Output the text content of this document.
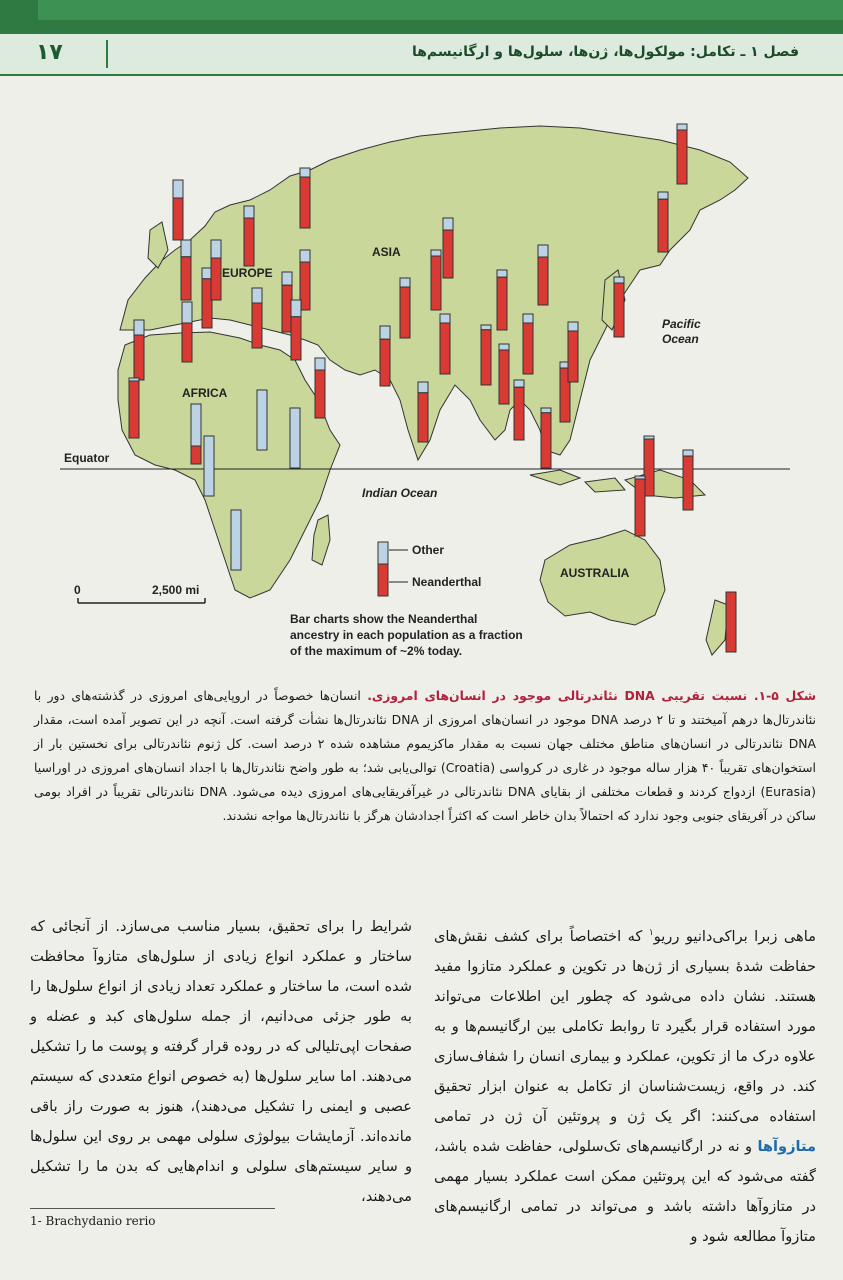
۱۷	فصل ۱ ـ تکامل: مولکول‌ها، ژن‌ها، سلول‌ها و ارگانیسم‌ها
EUROPE
ASIA
AFRICA
AUSTRALIA
Pacific
Ocean
Indian Ocean
Equator
0	2,500 mi
Other
Neanderthal
Bar charts show the Neanderthal
ancestry in each population as a fraction
of the maximum of ~2% today.
شکل ۵-۱. نسبت تقریبی DNA نئاندرتالی موجود در انسان‌های امروزی. انسان‌ها خصوصاً در اروپایی‌های امروزی در گذشته‌های دور با نئاندرتال‌ها درهم آمیختند و تا ۲ درصد DNA موجود در انسان‌های امروزی از DNA نئاندرتال‌ها نشأت گرفته است. آنچه در این تصویر آمده است، مقدار DNA نئاندرتالی در انسان‌های مناطق مختلف جهان نسبت به مقدار ماکزیموم مشاهده شده ۲ درصد است. کل ژنوم نئاندرتالی برای نخستین بار از استخوان‌های تقریباً ۴۰ هزار ساله موجود در غاری در کرواسی (Croatia) توالی‌یابی شد؛ به طور واضح نئاندرتال‌ها با اجداد انسان‌های امروزی در اوراسیا (Eurasia) ازدواج کردند و قطعات مختلفی از بقایای DNA نئاندرتالی در غیرآفریقایی‌های امروزی دیده می‌شود. DNA نئاندرتالی تقریباً در افراد بومی ساکن در آفریقای جنوبی وجود ندارد که احتمالاً بدان خاطر است که اکثراً اجدادشان هرگز با نئاندرتال‌ها مواجه نشدند.
ماهی زبرا براکی‌دانیو رریو$^۱$ که اختصاصاً برای کشف نقش‌های حفاظت شدهٔ بسیاری از ژن‌ها در تکوین و عملکرد متازوا مفید هستند. نشان داده می‌شود که چطور این اطلاعات می‌تواند مورد استفاده قرار بگیرد تا روابط تکاملی بین ارگانیسم‌ها و به علاوه درک ما از تکوین، عملکرد و بیماری انسان را شفاف‌سازی کند. در واقع، زیست‌شناسان از تکامل به عنوان ابزار تحقیق استفاده می‌کنند: اگر یک ژن و پروتئین آن ژن در تمامی متازوآها و نه در ارگانیسم‌های تک‌سلولی، حفاظت شده باشد، گفته می‌شود که این پروتئین ممکن است عملکرد بسیار مهمی در متازوآها داشته باشد و می‌تواند در تمامی ارگانیسم‌های متازوآ مطالعه شود و
شرایط را برای تحقیق، بسیار مناسب می‌سازد. از آنجائی که ساختار و عملکرد انواع زیادی از سلول‌های متازوآ محافظت شده است، ما ساختار و عملکرد تعداد زیادی از انواع سلول‌ها را به طور جزئی می‌دانیم، از جمله سلول‌های کبد و عضله و صفحات اپی‌تلیالی که در روده قرار گرفته و پوست ما را تشکیل می‌دهند. اما سایر سلول‌ها (به خصوص انواع متعددی که سیستم عصبی و ایمنی را تشکیل می‌دهند)، هنوز به صورت راز باقی مانده‌اند. آزمایشات بیولوژی سلولی مهمی بر روی این سلول‌ها و سایر سیستم‌های سلولی و اندام‌هایی که بدن ما را تشکیل می‌دهند،
1- Brachydanio rerio
